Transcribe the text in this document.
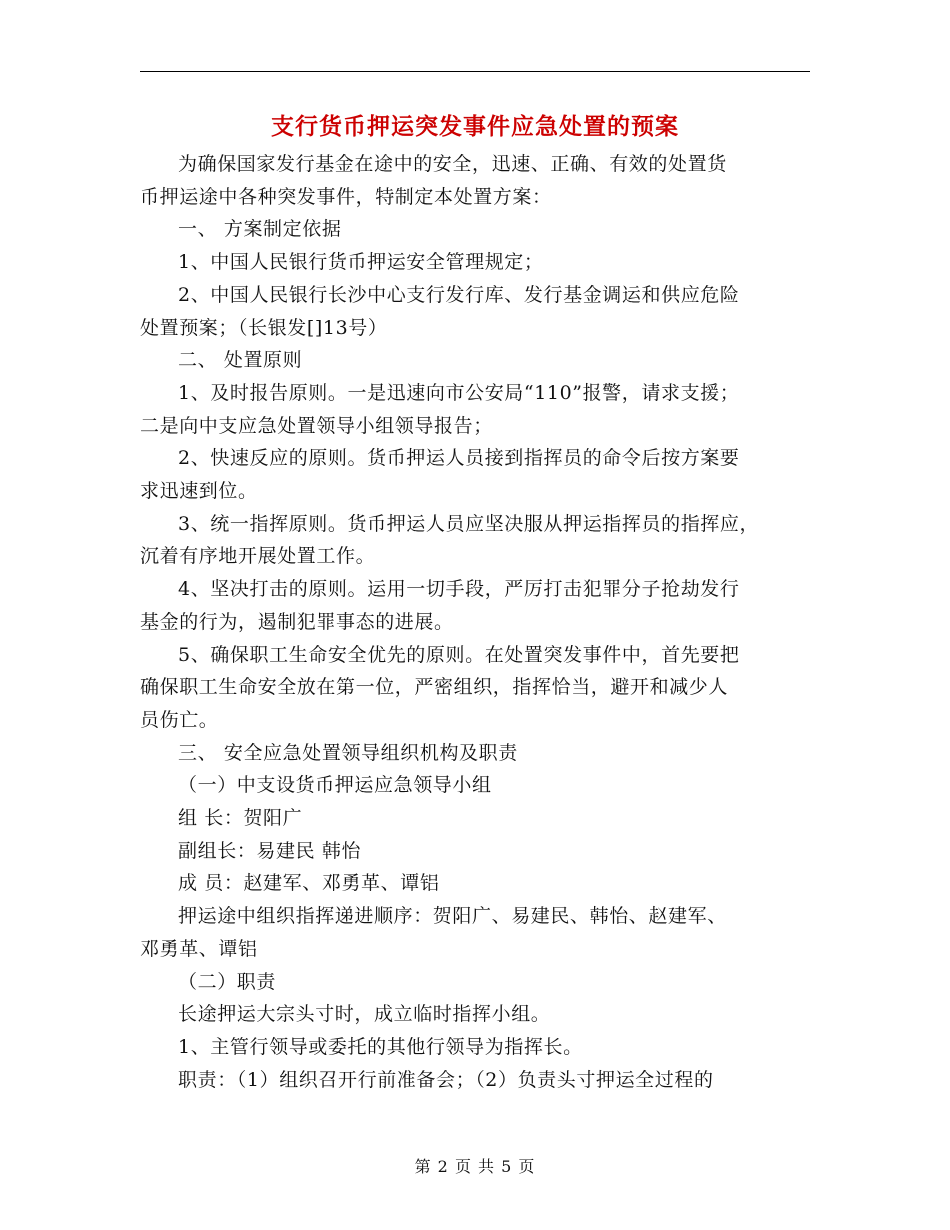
支行货币押运突发事件应急处置的预案

为确保国家发行基金在途中的安全，迅速、正确、有效的处置货

币押运途中各种突发事件，特制定本处置方案：

一、 方案制定依据

1、中国人民银行货币押运安全管理规定；

2、中国人民银行长沙中心支行发行库、发行基金调运和供应危险

处置预案；（长银发[]13号）

二、 处置原则

1、及时报告原则。一是迅速向市公安局“110”报警，请求支援；

二是向中支应急处置领导小组领导报告；

2、快速反应的原则。货币押运人员接到指挥员的命令后按方案要

求迅速到位。

3、统一指挥原则。货币押运人员应坚决服从押运指挥员的指挥应，

沉着有序地开展处置工作。

4、坚决打击的原则。运用一切手段，严厉打击犯罪分子抢劫发行

基金的行为，遏制犯罪事态的进展。

5、确保职工生命安全优先的原则。在处置突发事件中，首先要把

确保职工生命安全放在第一位，严密组织，指挥恰当，避开和减少人

员伤亡。

三、 安全应急处置领导组织机构及职责

（一）中支设货币押运应急领导小组

组 长：贺阳广

副组长：易建民 韩怡

成 员：赵建军、邓勇革、谭铝

押运途中组织指挥递进顺序：贺阳广、易建民、韩怡、赵建军、

邓勇革、谭铝

（二）职责

长途押运大宗头寸时，成立临时指挥小组。

1、主管行领导或委托的其他行领导为指挥长。

职责：（1）组织召开行前准备会；（2）负责头寸押运全过程的

第 2 页 共 5 页
